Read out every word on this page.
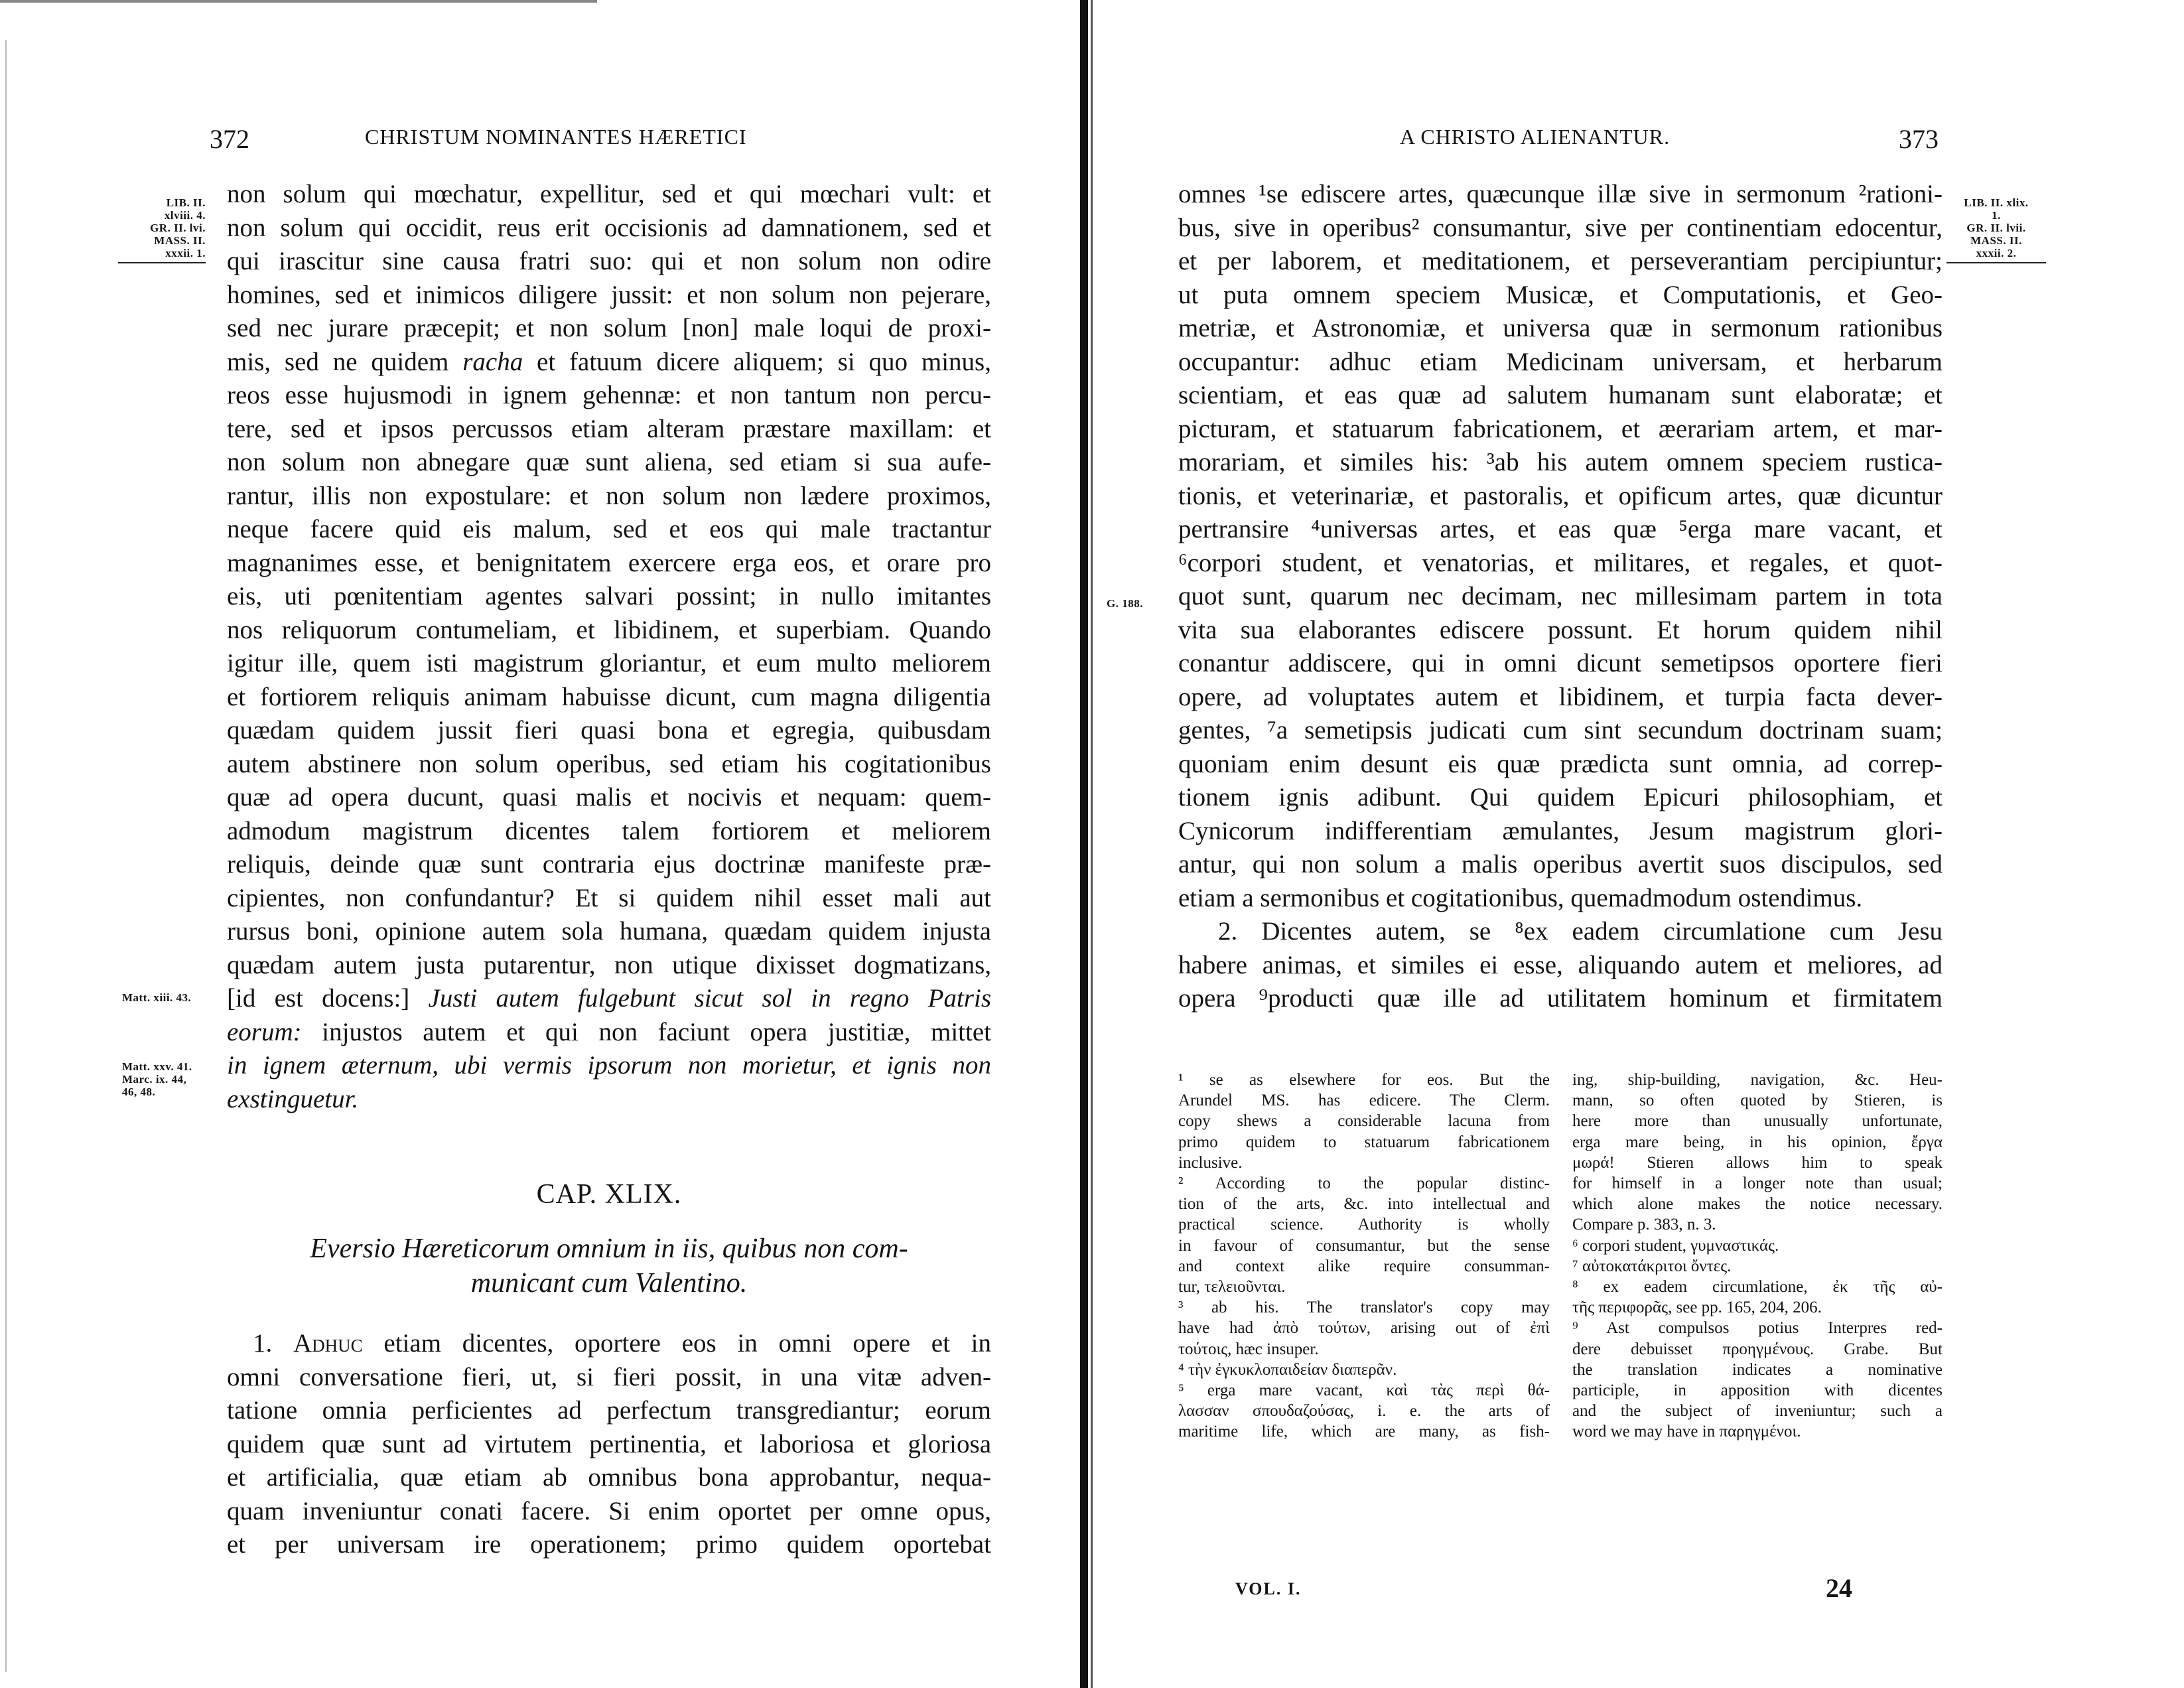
372	CHRISTUM NOMINANTES HÆRETICI
LIB. II.
xlviii. 4.
GR. II. lvi.
MASS. II.
xxxii. 1.
Matt. xiii. 43.
Matt. xxv. 41.
Marc. ix. 44,
46, 48.
non solum qui mœchatur, expellitur, sed et qui mœchari vult: et
non solum qui occidit, reus erit occisionis ad damnationem, sed et
qui irascitur sine causa fratri suo: qui et non solum non odire
homines, sed et inimicos diligere jussit: et non solum non pejerare,
sed nec jurare præcepit; et non solum [non] male loqui de proxi-
mis, sed ne quidem racha et fatuum dicere aliquem; si quo minus,
reos esse hujusmodi in ignem gehennæ: et non tantum non percu-
tere, sed et ipsos percussos etiam alteram præstare maxillam: et
non solum non abnegare quæ sunt aliena, sed etiam si sua aufe-
rantur, illis non expostulare: et non solum non lædere proximos,
neque facere quid eis malum, sed et eos qui male tractantur
magnanimes esse, et benignitatem exercere erga eos, et orare pro
eis, uti pœnitentiam agentes salvari possint; in nullo imitantes
nos reliquorum contumeliam, et libidinem, et superbiam. Quando
igitur ille, quem isti magistrum gloriantur, et eum multo meliorem
et fortiorem reliquis animam habuisse dicunt, cum magna diligentia
quædam quidem jussit fieri quasi bona et egregia, quibusdam
autem abstinere non solum operibus, sed etiam his cogitationibus
quæ ad opera ducunt, quasi malis et nocivis et nequam: quem-
admodum magistrum dicentes talem fortiorem et meliorem
reliquis, deinde quæ sunt contraria ejus doctrinæ manifeste præ-
cipientes, non confundantur? Et si quidem nihil esset mali aut
rursus boni, opinione autem sola humana, quædam quidem injusta
quædam autem justa putarentur, non utique dixisset dogmatizans,
[id est docens:] Justi autem fulgebunt sicut sol in regno Patris
eorum: injustos autem et qui non faciunt opera justitiæ, mittet
in ignem æternum, ubi vermis ipsorum non morietur, et ignis non
exstinguetur.
CAP. XLIX.
Eversio Hæreticorum omnium in iis, quibus non com-
municant cum Valentino.
 1. Adhuc etiam dicentes, oportere eos in omni opere et in
omni conversatione fieri, ut, si fieri possit, in una vitæ adven-
tatione omnia perficientes ad perfectum transgrediantur; eorum
quidem quæ sunt ad virtutem pertinentia, et laboriosa et gloriosa
et artificialia, quæ etiam ab omnibus bona approbantur, nequa-
quam inveniuntur conati facere. Si enim oportet per omne opus,
et per universam ire operationem; primo quidem oportebat
A CHRISTO ALIENANTUR.	373
omnes ¹se ediscere artes, quæcunque illæ sive in sermonum ²rationi-
bus, sive in operibus² consumantur, sive per continentiam edocentur,
et per laborem, et meditationem, et perseverantiam percipiuntur;
ut puta omnem speciem Musicæ, et Computationis, et Geo-
metriæ, et Astronomiæ, et universa quæ in sermonum rationibus
occupantur: adhuc etiam Medicinam universam, et herbarum
scientiam, et eas quæ ad salutem humanam sunt elaboratæ; et
picturam, et statuarum fabricationem, et æerariam artem, et mar-
morariam, et similes his: ³ab his autem omnem speciem rustica-
tionis, et veterinariæ, et pastoralis, et opificum artes, quæ dicuntur
pertransire ⁴universas artes, et eas quæ ⁵erga mare vacant, et
⁶corpori student, et venatorias, et militares, et regales, et quot-
quot sunt, quarum nec decimam, nec millesimam partem in tota
vita sua elaborantes ediscere possunt. Et horum quidem nihil
conantur addiscere, qui in omni dicunt semetipsos oportere fieri
opere, ad voluptates autem et libidinem, et turpia facta dever-
gentes, ⁷a semetipsis judicati cum sint secundum doctrinam suam;
quoniam enim desunt eis quæ prædicta sunt omnia, ad correp-
tionem ignis adibunt. Qui quidem Epicuri philosophiam, et
Cynicorum indifferentiam æmulantes, Jesum magistrum glori-
antur, qui non solum a malis operibus avertit suos discipulos, sed
etiam a sermonibus et cogitationibus, quemadmodum ostendimus.
2. Dicentes autem, se ⁸ex eadem circumlatione cum Jesu
habere animas, et similes ei esse, aliquando autem et meliores, ad
opera ⁹producti quæ ille ad utilitatem hominum et firmitatem
LIB. II. xlix.
1.
GR. II. lvii.
MASS. II.
xxxii. 2.
G. 188.
¹ se as elsewhere for eos. But the
Arundel MS. has edicere. The Clerm.
copy shews a considerable lacuna from
primo quidem to statuarum fabricationem
inclusive.
² According to the popular distinc-
tion of the arts, &c. into intellectual and
practical science. Authority is wholly
in favour of consumantur, but the sense
and context alike require consumman-
tur, τελειοῦνται.
³ ab his. The translator's copy may
have had ἀπὸ τούτων, arising out of ἐπὶ
τούτοις, hæc insuper.
⁴ τὴν ἐγκυκλοπαιδείαν διαπερᾶν.
⁵ erga mare vacant, καὶ τὰς περὶ θά-
λασσαν σπουδαζούσας, i. e. the arts of
maritime life, which are many, as fish-
ing, ship-building, navigation, &c. Heu-
mann, so often quoted by Stieren, is
here more than unusually unfortunate,
erga mare being, in his opinion, ἔργα
μωρά! Stieren allows him to speak
for himself in a longer note than usual;
which alone makes the notice necessary.
Compare p. 383, n. 3.
⁶ corpori student, γυμναστικάς.
⁷ αὐτοκατάκριτοι ὄντες.
⁸ ex eadem circumlatione, ἐκ τῆς αὐ-
τῆς περιφορᾶς, see pp. 165, 204, 206.
⁹ Ast compulsos potius Interpres red-
dere debuisset προηγμένους. Grabe. But
the translation indicates a nominative
participle, in apposition with dicentes
and the subject of inveniuntur; such a
word we may have in παρηγμένοι.
VOL. I.	24
